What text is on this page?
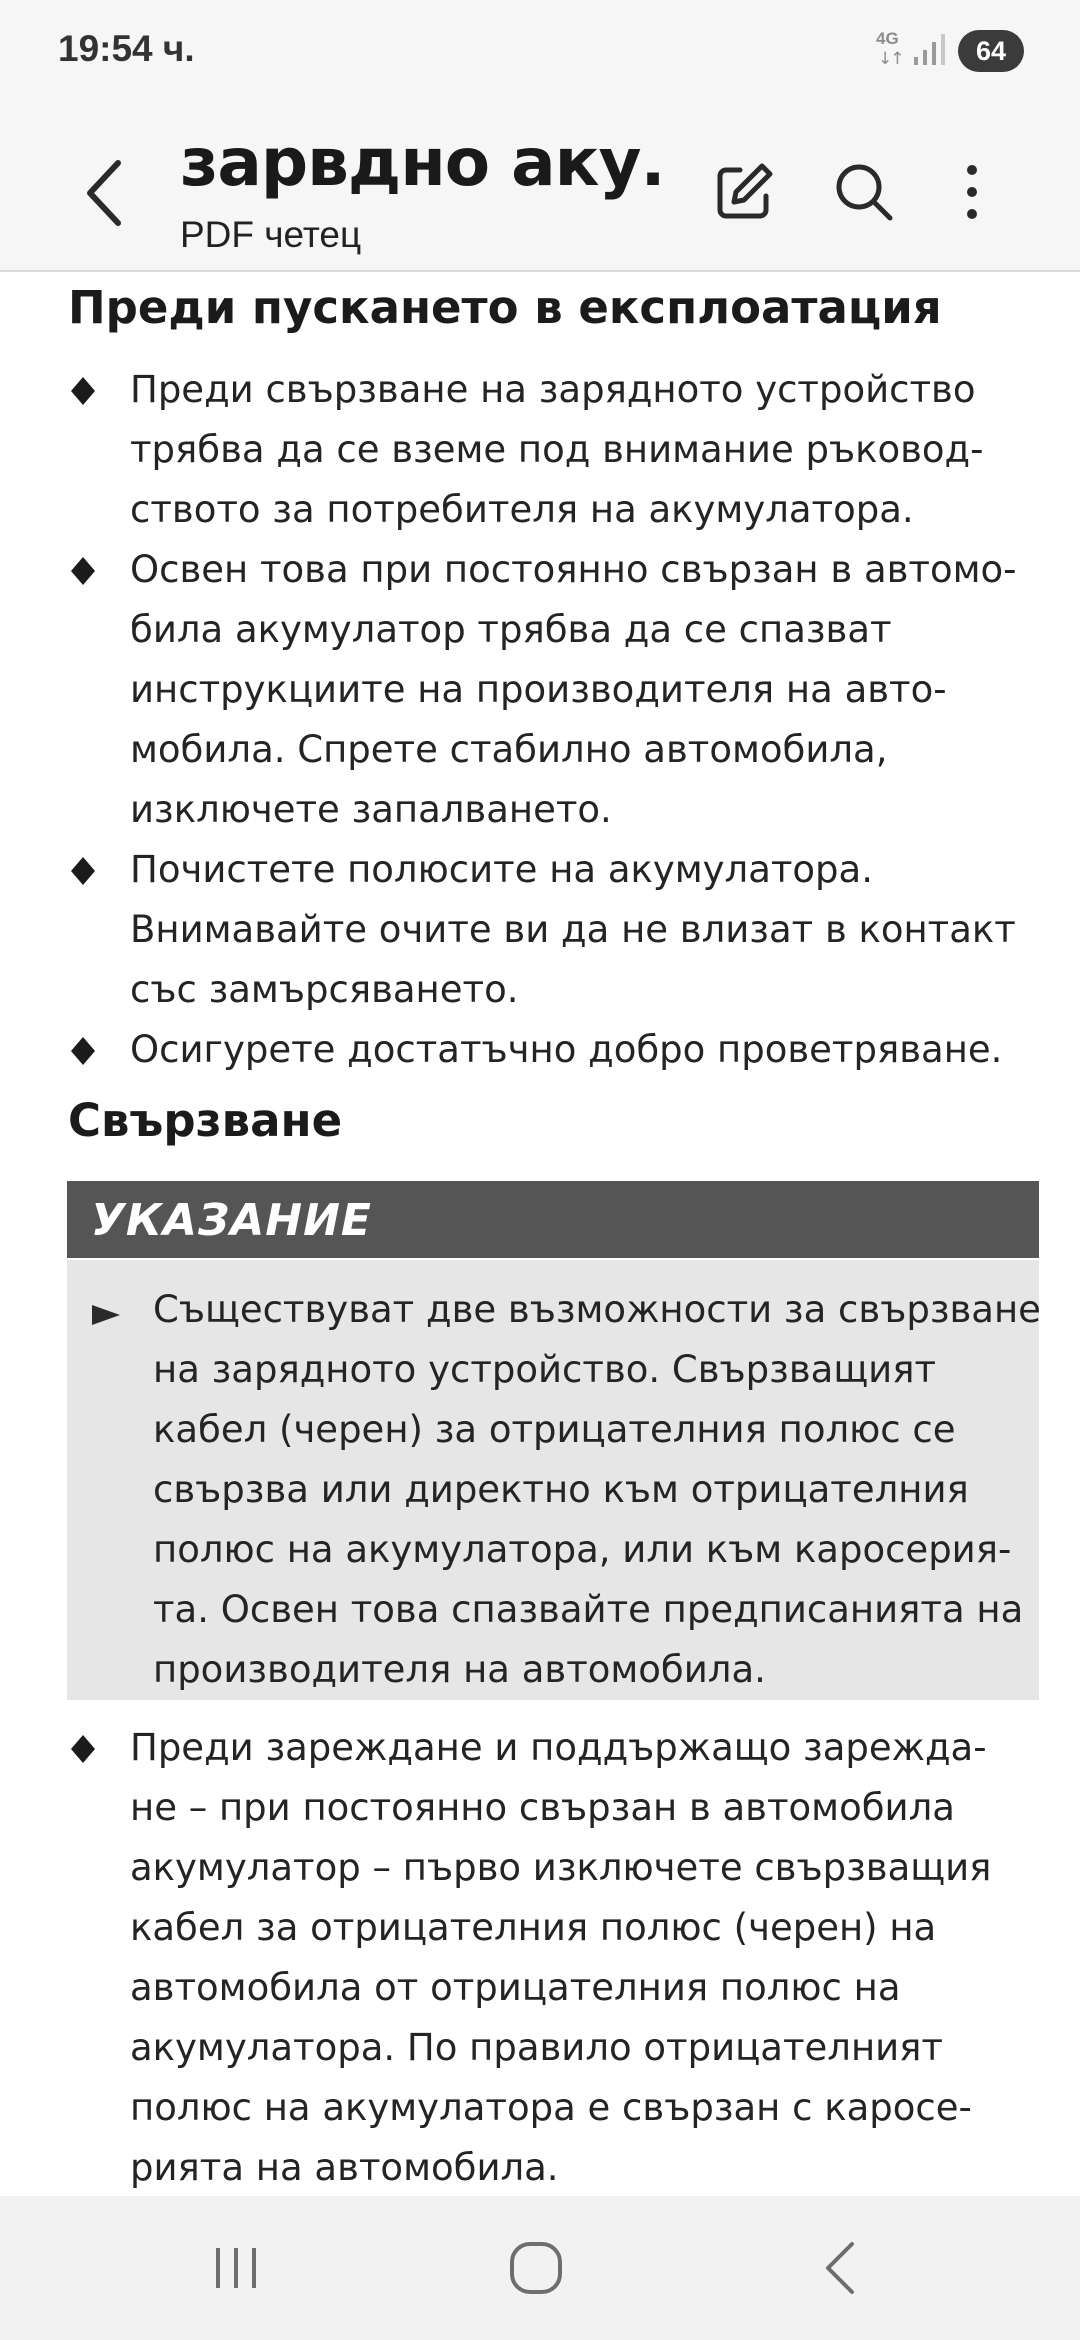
19:54 ч.	4G
↓↑	64
зарвдно аку.
PDF четец
Преди пускането в експлоатация
Преди свързване на зарядното устройство
трябва да се вземе под внимание ръковод-
ството за потребителя на акумулатора.
Освен това при постоянно свързан в автомо-
била акумулатор трябва да се спазват
инструкциите на производителя на авто-
мобила. Спрете стабилно автомобила,
изключете запалването.
Почистете полюсите на акумулатора.
Внимавайте очите ви да не влизат в контакт
със замърсяването.
Осигурете достатъчно добро проветряване.
Свързване
УКАЗАНИЕ
Съществуват две възможности за свързване
на зарядното устройство. Свързващият
кабел (черен) за отрицателния полюс се
свързва или директно към отрицателния
полюс на акумулатора, или към каросерия-
та. Освен това спазвайте предписанията на
производителя на автомобила.
Преди зареждане и поддържащо зарежда-
не – при постоянно свързан в автомобила
акумулатор – първо изключете свързващия
кабел за отрицателния полюс (черен) на
автомобила от отрицателния полюс на
акумулатора. По правило отрицателният
полюс на акумулатора е свързан с каросе-
рията на автомобила.
